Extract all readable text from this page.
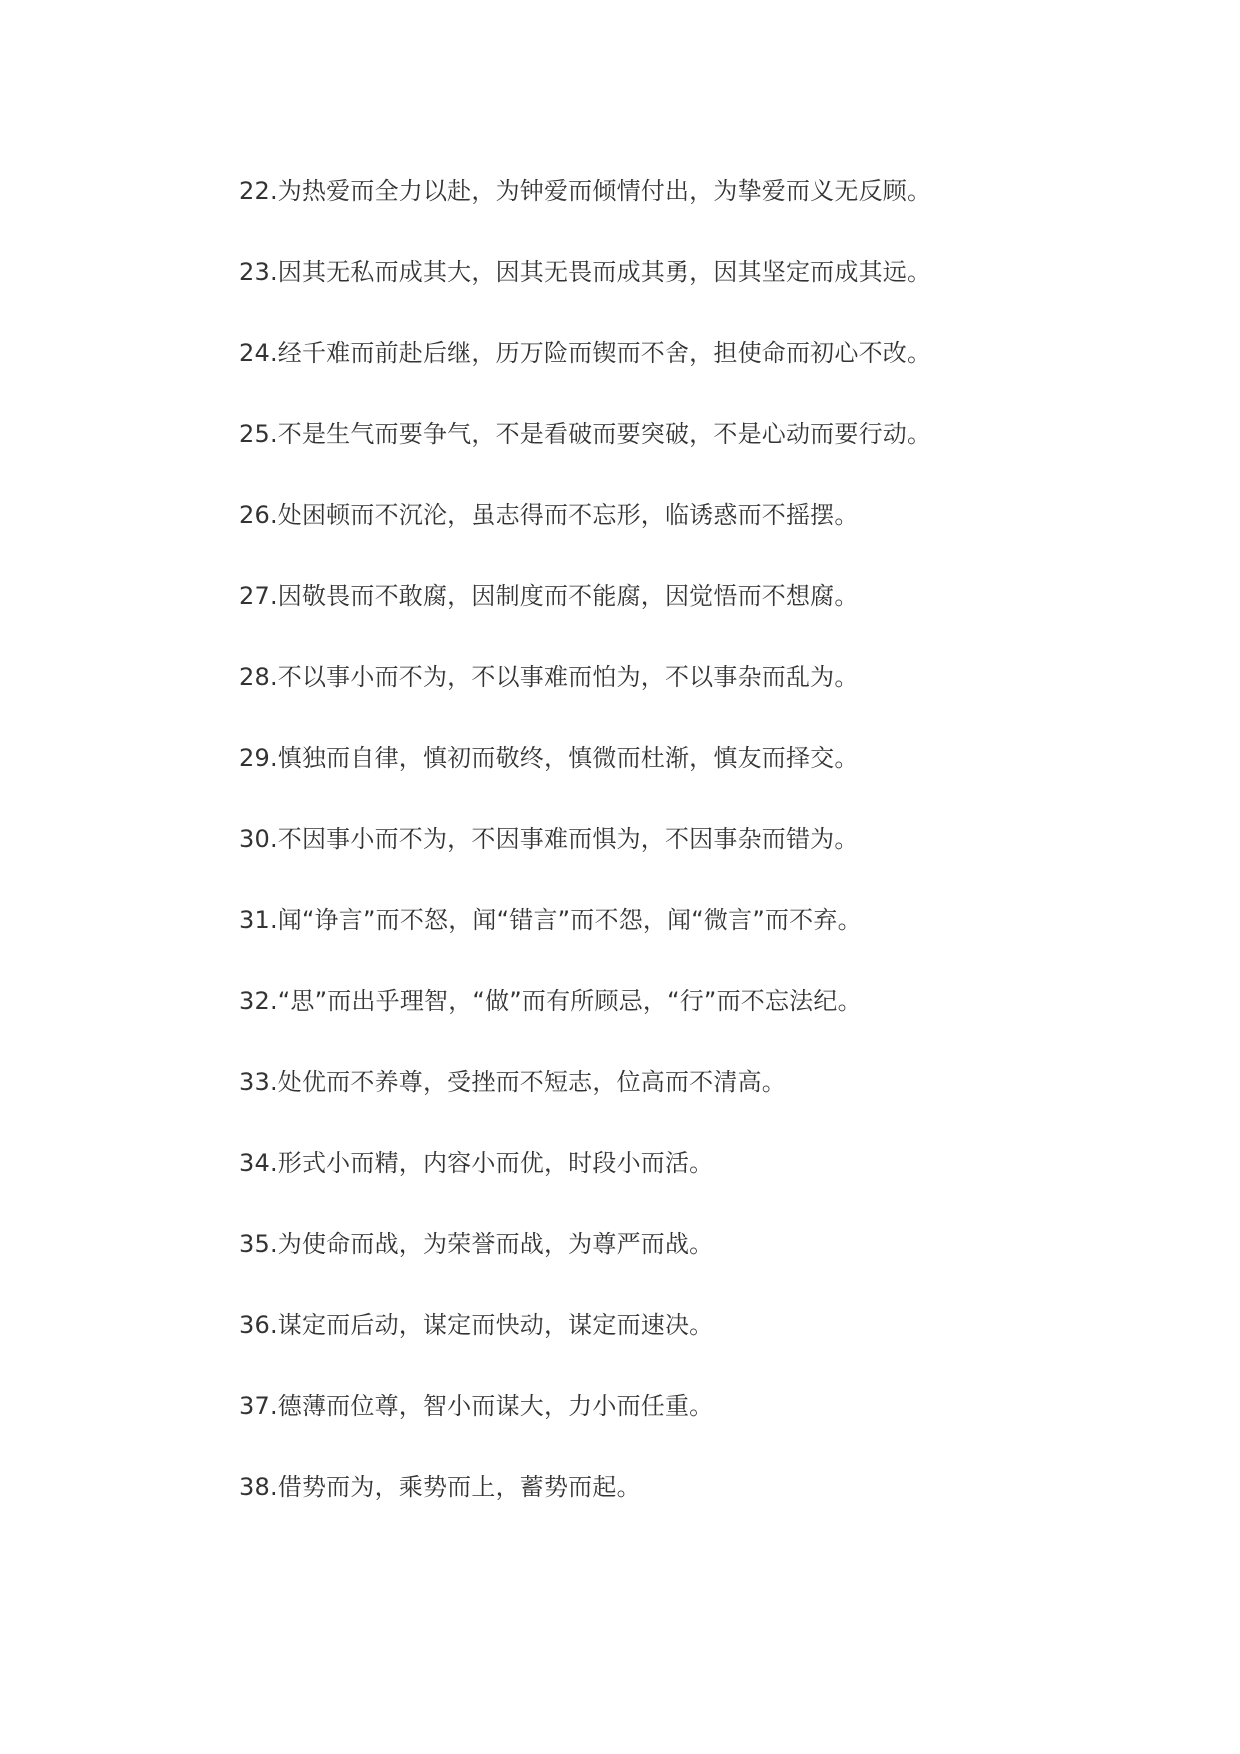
22.为热爱而全力以赴，为钟爱而倾情付出，为挚爱而义无反顾。
23.因其无私而成其大，因其无畏而成其勇，因其坚定而成其远。
24.经千难而前赴后继，历万险而锲而不舍，担使命而初心不改。
25.不是生气而要争气，不是看破而要突破，不是心动而要行动。
26.处困顿而不沉沦，虽志得而不忘形，临诱惑而不摇摆。
27.因敬畏而不敢腐，因制度而不能腐，因觉悟而不想腐。
28.不以事小而不为，不以事难而怕为，不以事杂而乱为。
29.慎独而自律，慎初而敬终，慎微而杜渐，慎友而择交。
30.不因事小而不为，不因事难而惧为，不因事杂而错为。
31.闻“诤言”而不怒，闻“错言”而不怨，闻“微言”而不弃。
32.“思”而出乎理智，“做”而有所顾忌，“行”而不忘法纪。
33.处优而不养尊，受挫而不短志，位高而不清高。
34.形式小而精，内容小而优，时段小而活。
35.为使命而战，为荣誉而战，为尊严而战。
36.谋定而后动，谋定而快动，谋定而速决。
37.德薄而位尊，智小而谋大，力小而任重。
38.借势而为，乘势而上，蓄势而起。
